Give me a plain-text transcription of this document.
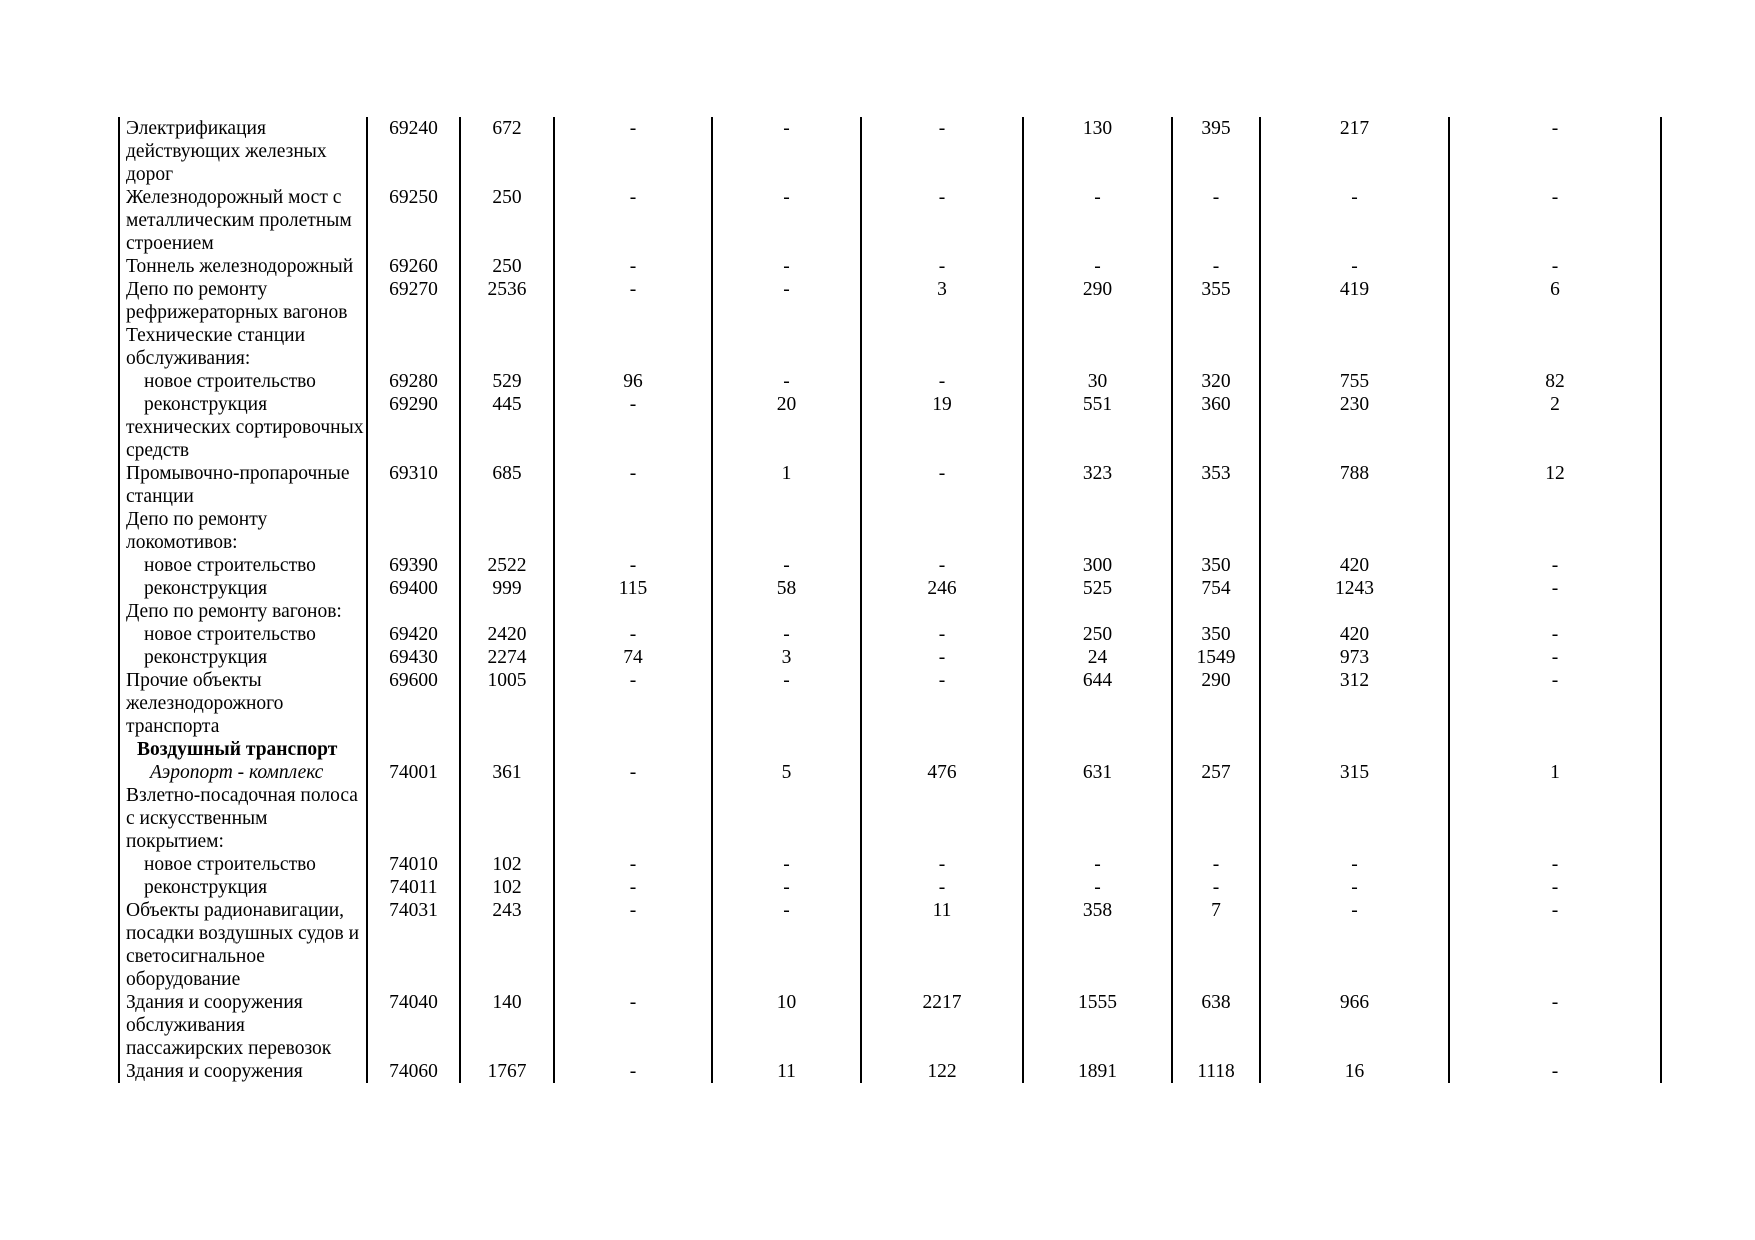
Электрификация действующих железных дорог	69240	672	-	-	-	130	395	217	-
Железнодорожный мост с металлическим пролетным строением	69250	250	-	-	-	-	-	-	-
Тоннель железнодорожный	69260	250	-	-	-	-	-	-	-
Депо по ремонту рефрижераторных вагонов	69270	2536	-	-	3	290	355	419	6
Технические станции обслуживания:									
новое строительство	69280	529	96	-	-	30	320	755	82

реконструкция технических сортировочных средств	69290	445	-	20	19	551	360	230	2
Промывочно-пропарочные станции	69310	685	-	1	-	323	353	788	12
Депо по ремонту локомотивов:									
новое строительство	69390	2522	-	-	-	300	350	420	-
реконструкция	69400	999	115	58	246	525	754	1243	-
Депо по ремонту вагонов:									
новое строительство	69420	2420	-	-	-	250	350	420	-
реконструкция	69430	2274	74	3	-	24	1549	973	-
Прочие объекты железнодорожного транспорта	69600	1005	-	-	-	644	290	312	-
Воздушный транспорт									
Аэропорт - комплекс	74001	361	-	5	476	631	257	315	1
Взлетно-посадочная полоса с искусственным покрытием:									
новое строительство	74010	102	-	-	-	-	-	-	-
реконструкция	74011	102	-	-	-	-	-	-	-
Объекты радионавигации, посадки воздушных судов и светосигнальное оборудование	74031	243	-	-	11	358	7	-	-
Здания и сооружения обслуживания пассажирских перевозок	74040	140	-	10	2217	1555	638	966	-
Здания и сооружения	74060	1767	-	11	122	1891	1118	16	-
